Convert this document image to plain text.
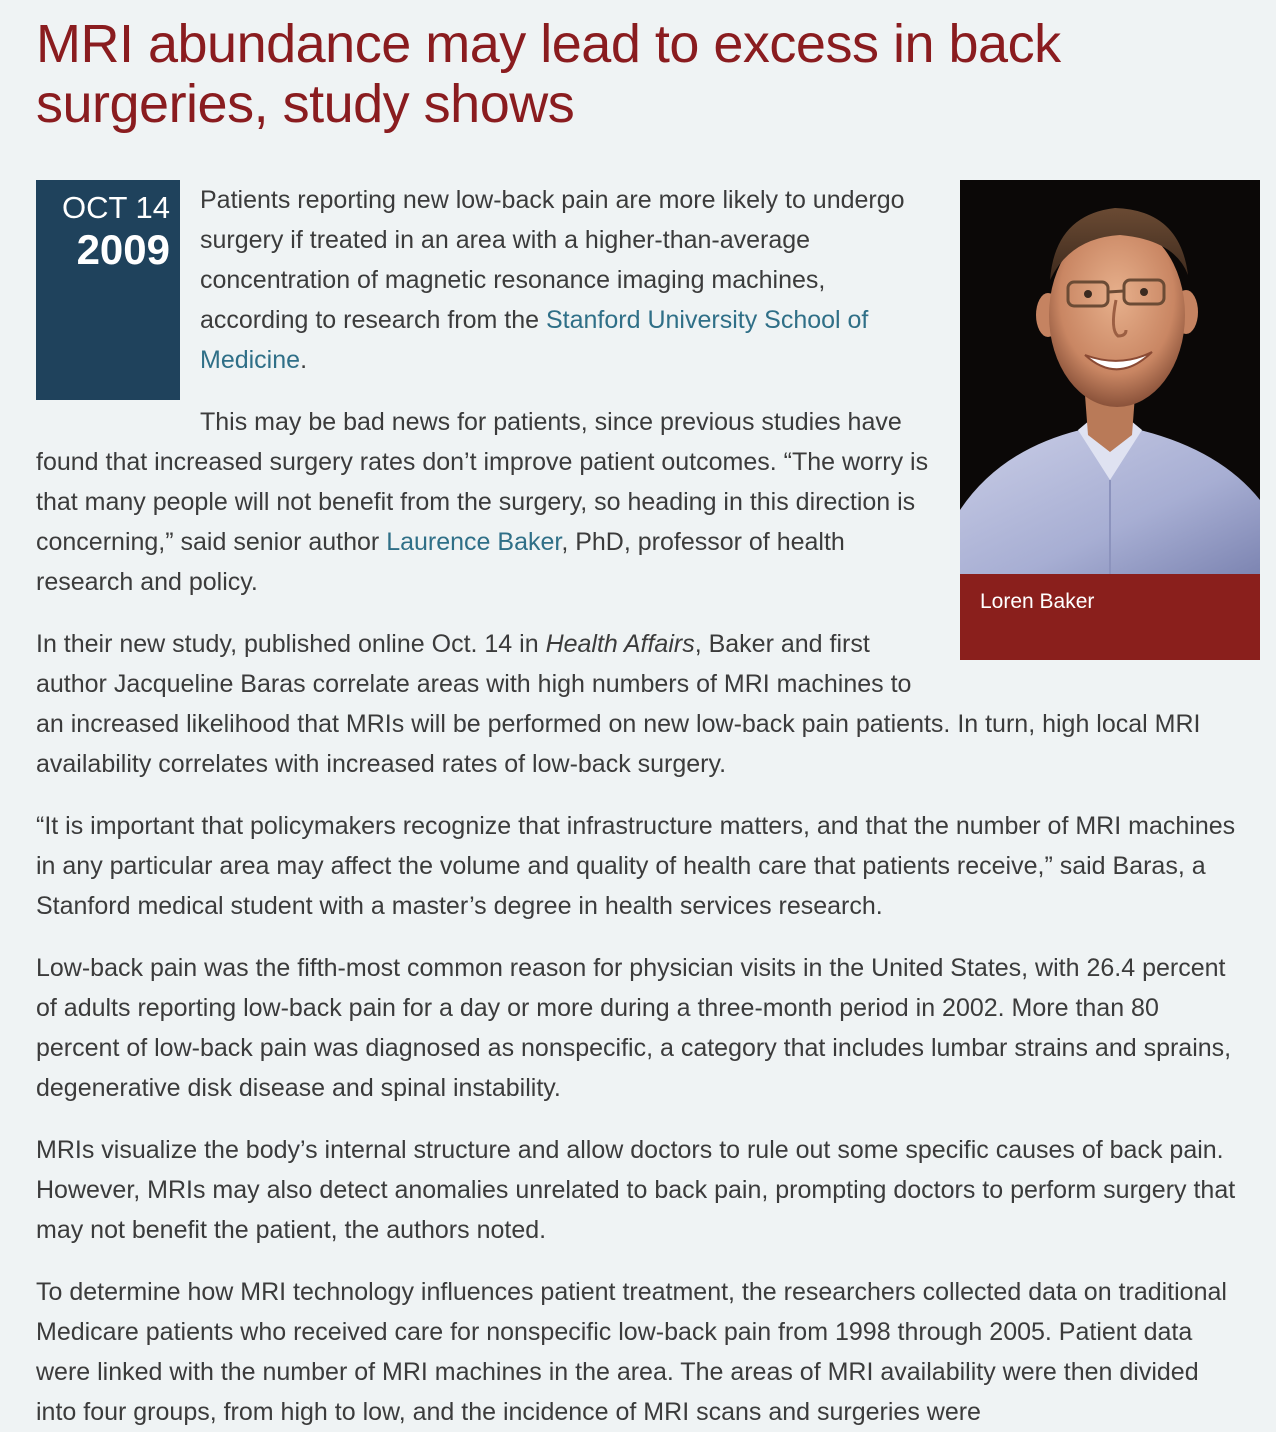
MRI abundance may lead to excess in back surgeries, study shows
OCT 14
2009
Loren Baker

Patients reporting new low-back pain are more likely to undergo surgery if treated in an area with a higher-than-average concentration of magnetic resonance imaging machines, according to research from the Stanford University School of Medicine.

This may be bad news for patients, since previous studies have found that increased surgery rates don’t improve patient outcomes. “The worry is that many people will not benefit from the surgery, so heading in this direction is concerning,” said senior author Laurence Baker, PhD, professor of health research and policy.

In their new study, published online Oct. 14 in Health Affairs, Baker and first author Jacqueline Baras correlate areas with high numbers of MRI machines to an increased likelihood that MRIs will be performed on new low-back pain patients. In turn, high local MRI availability correlates with increased rates of low-back surgery.

“It is important that policymakers recognize that infrastructure matters, and that the number of MRI machines in any particular area may affect the volume and quality of health care that patients receive,” said Baras, a Stanford medical student with a master’s degree in health services research.

Low-back pain was the fifth-most common reason for physician visits in the United States, with 26.4 percent of adults reporting low-back pain for a day or more during a three-month period in 2002. More than 80 percent of low-back pain was diagnosed as nonspecific, a category that includes lumbar strains and sprains, degenerative disk disease and spinal instability.

MRIs visualize the body’s internal structure and allow doctors to rule out some specific causes of back pain. However, MRIs may also detect anomalies unrelated to back pain, prompting doctors to perform surgery that may not benefit the patient, the authors noted.

To determine how MRI technology influences patient treatment, the researchers collected data on traditional Medicare patients who received care for nonspecific low-back pain from 1998 through 2005. Patient data were linked with the number of MRI machines in the area. The areas of MRI availability were then divided into four groups, from high to low, and the incidence of MRI scans and surgeries were
